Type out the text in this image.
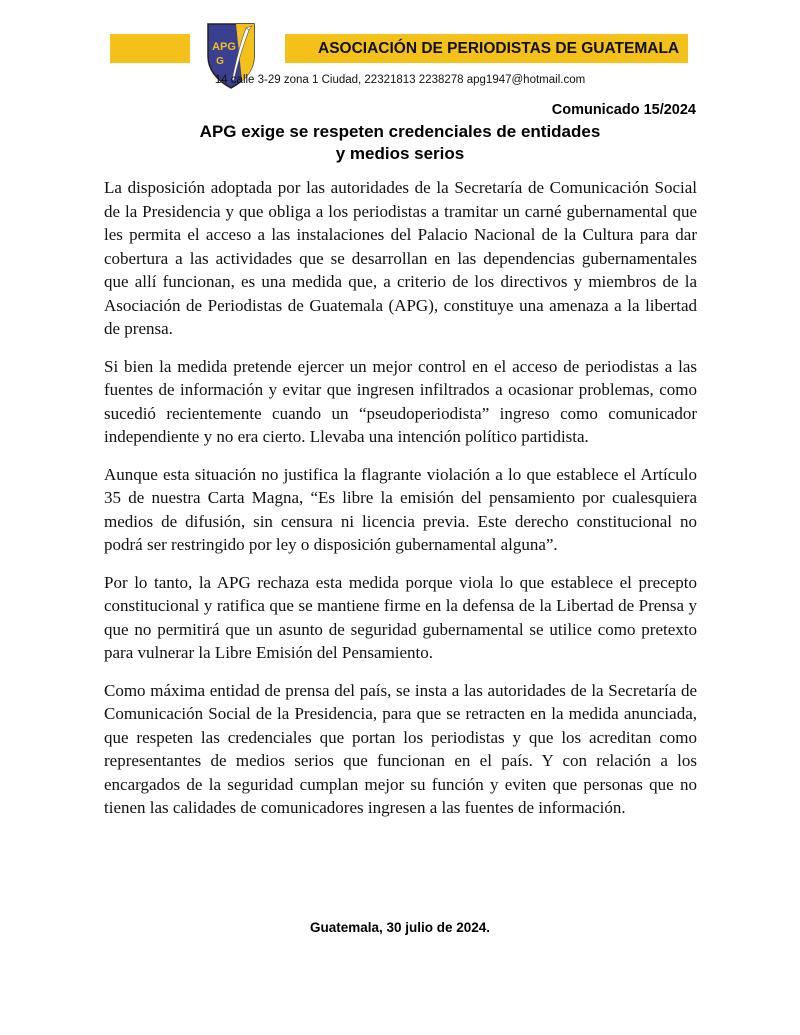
ASOCIACIÓN DE PERIODISTAS DE GUATEMALA
APG
G
14 calle 3-29 zona 1 Ciudad, 22321813 2238278 apg1947@hotmail.com
Comunicado 15/2024
APG exige se respeten credenciales de entidades
y medios serios

La disposición adoptada por las autoridades de la Secretaría de Comunicación Social de la Presidencia y que obliga a los periodistas a tramitar un carné gubernamental que les permita el acceso a las instalaciones del Palacio Nacional de la Cultura para dar cobertura a las actividades que se desarrollan en las dependencias gubernamentales que allí funcionan, es una medida que, a criterio de los directivos y miembros de la Asociación de Periodistas de Guatemala (APG), constituye una amenaza a la libertad de prensa.

Si bien la medida pretende ejercer un mejor control en el acceso de periodistas a las fuentes de información y evitar que ingresen infiltrados a ocasionar problemas, como sucedió recientemente cuando un “pseudoperiodista” ingreso como comunicador independiente y no era cierto. Llevaba una intención político partidista.

Aunque esta situación no justifica la flagrante violación a lo que establece el Artículo 35 de nuestra Carta Magna, “Es libre la emisión del pensamiento por cualesquiera medios de difusión, sin censura ni licencia previa. Este derecho constitucional no podrá ser restringido por ley o disposición gubernamental alguna”.

Por lo tanto, la APG rechaza esta medida porque viola lo que establece el precepto constitucional y ratifica que se mantiene firme en la defensa de la Libertad de Prensa y que no permitirá que un asunto de seguridad gubernamental se utilice como pretexto para vulnerar la Libre Emisión del Pensamiento.

Como máxima entidad de prensa del país, se insta a las autoridades de la Secretaría de Comunicación Social de la Presidencia, para que se retracten en la medida anunciada, que respeten las credenciales que portan los periodistas y que los acreditan como representantes de medios serios que funcionan en el país. Y con relación a los encargados de la seguridad cumplan mejor su función y eviten que personas que no tienen las calidades de comunicadores ingresen a las fuentes de información.

Guatemala, 30 julio de 2024.
